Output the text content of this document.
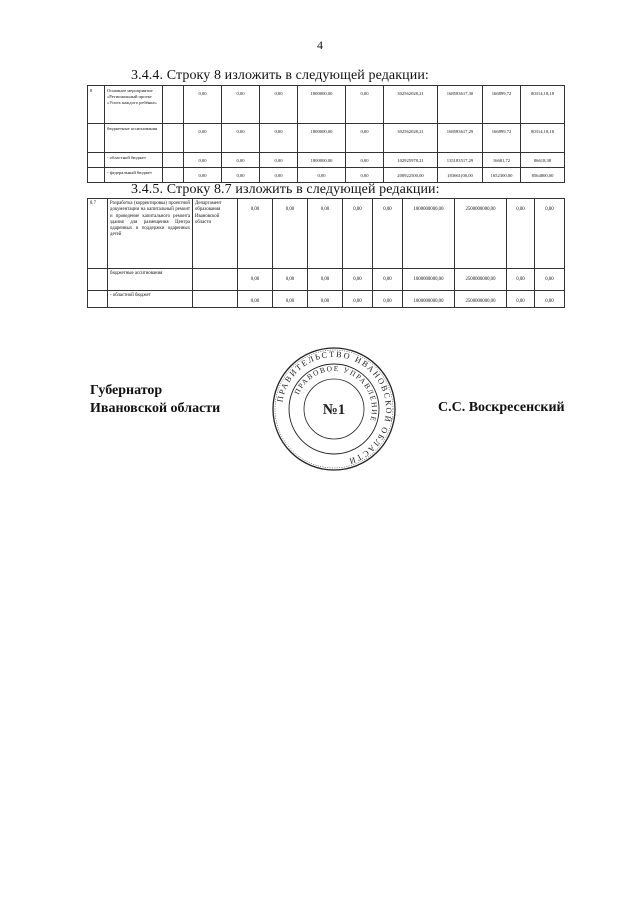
4
3.4.4. Строку 8 изложить в следующей редакции:
8	Основное мероприятие «Региональный проект «Успех каждого ребёнка»		0,00	0,00	0,00	1800000,00	0,00	302562028,21	168583617,30	166899,72	80314,18,18
	бюджетные ассигнования		0,00	0,00	0,00	1800000,00	0,00	302562028,21	168583617,29	166899,72	80314,18,18
	- областной бюджет		0,00	0,00	0,00	1800000,00	0,00	102925978,21	135183517,29	16681,72	86618,38
	- федеральный бюджет		0,00	0,00	0,00	0,00	0,00	200922500,00	183661(00,00	1652300,00	8564800,00
3.4.5. Строку 8.7 изложить в следующей редакции:
8.7	Разработка (корректировка) проектной документации на капитальный ремонт и проведение капитального ремонта здания для размещения Центра одаренных и поддержки одаренных детей	Департамент образования Ивановской области	0,00	0,00	0,00	0,00	0,00	1000000000,00	2500000000,00	0,00	0,00
	бюджетные ассигнования		0,00	0,00	0,00	0,00	0,00	1000000000,00	2500000000,00	0,00	0,00
	- областной бюджет		0,00	0,00	0,00	0,00	0,00	1000000000,00	2500000000,00	0,00	0,00
Губернатор
Ивановской области
ПРАВИТЕЛЬСТВО ИВАНОВСКОЙ ОБЛАСТИ
ПРАВОВОЕ УПРАВЛЕНИЕ
№1	С.С. Воскресенский
